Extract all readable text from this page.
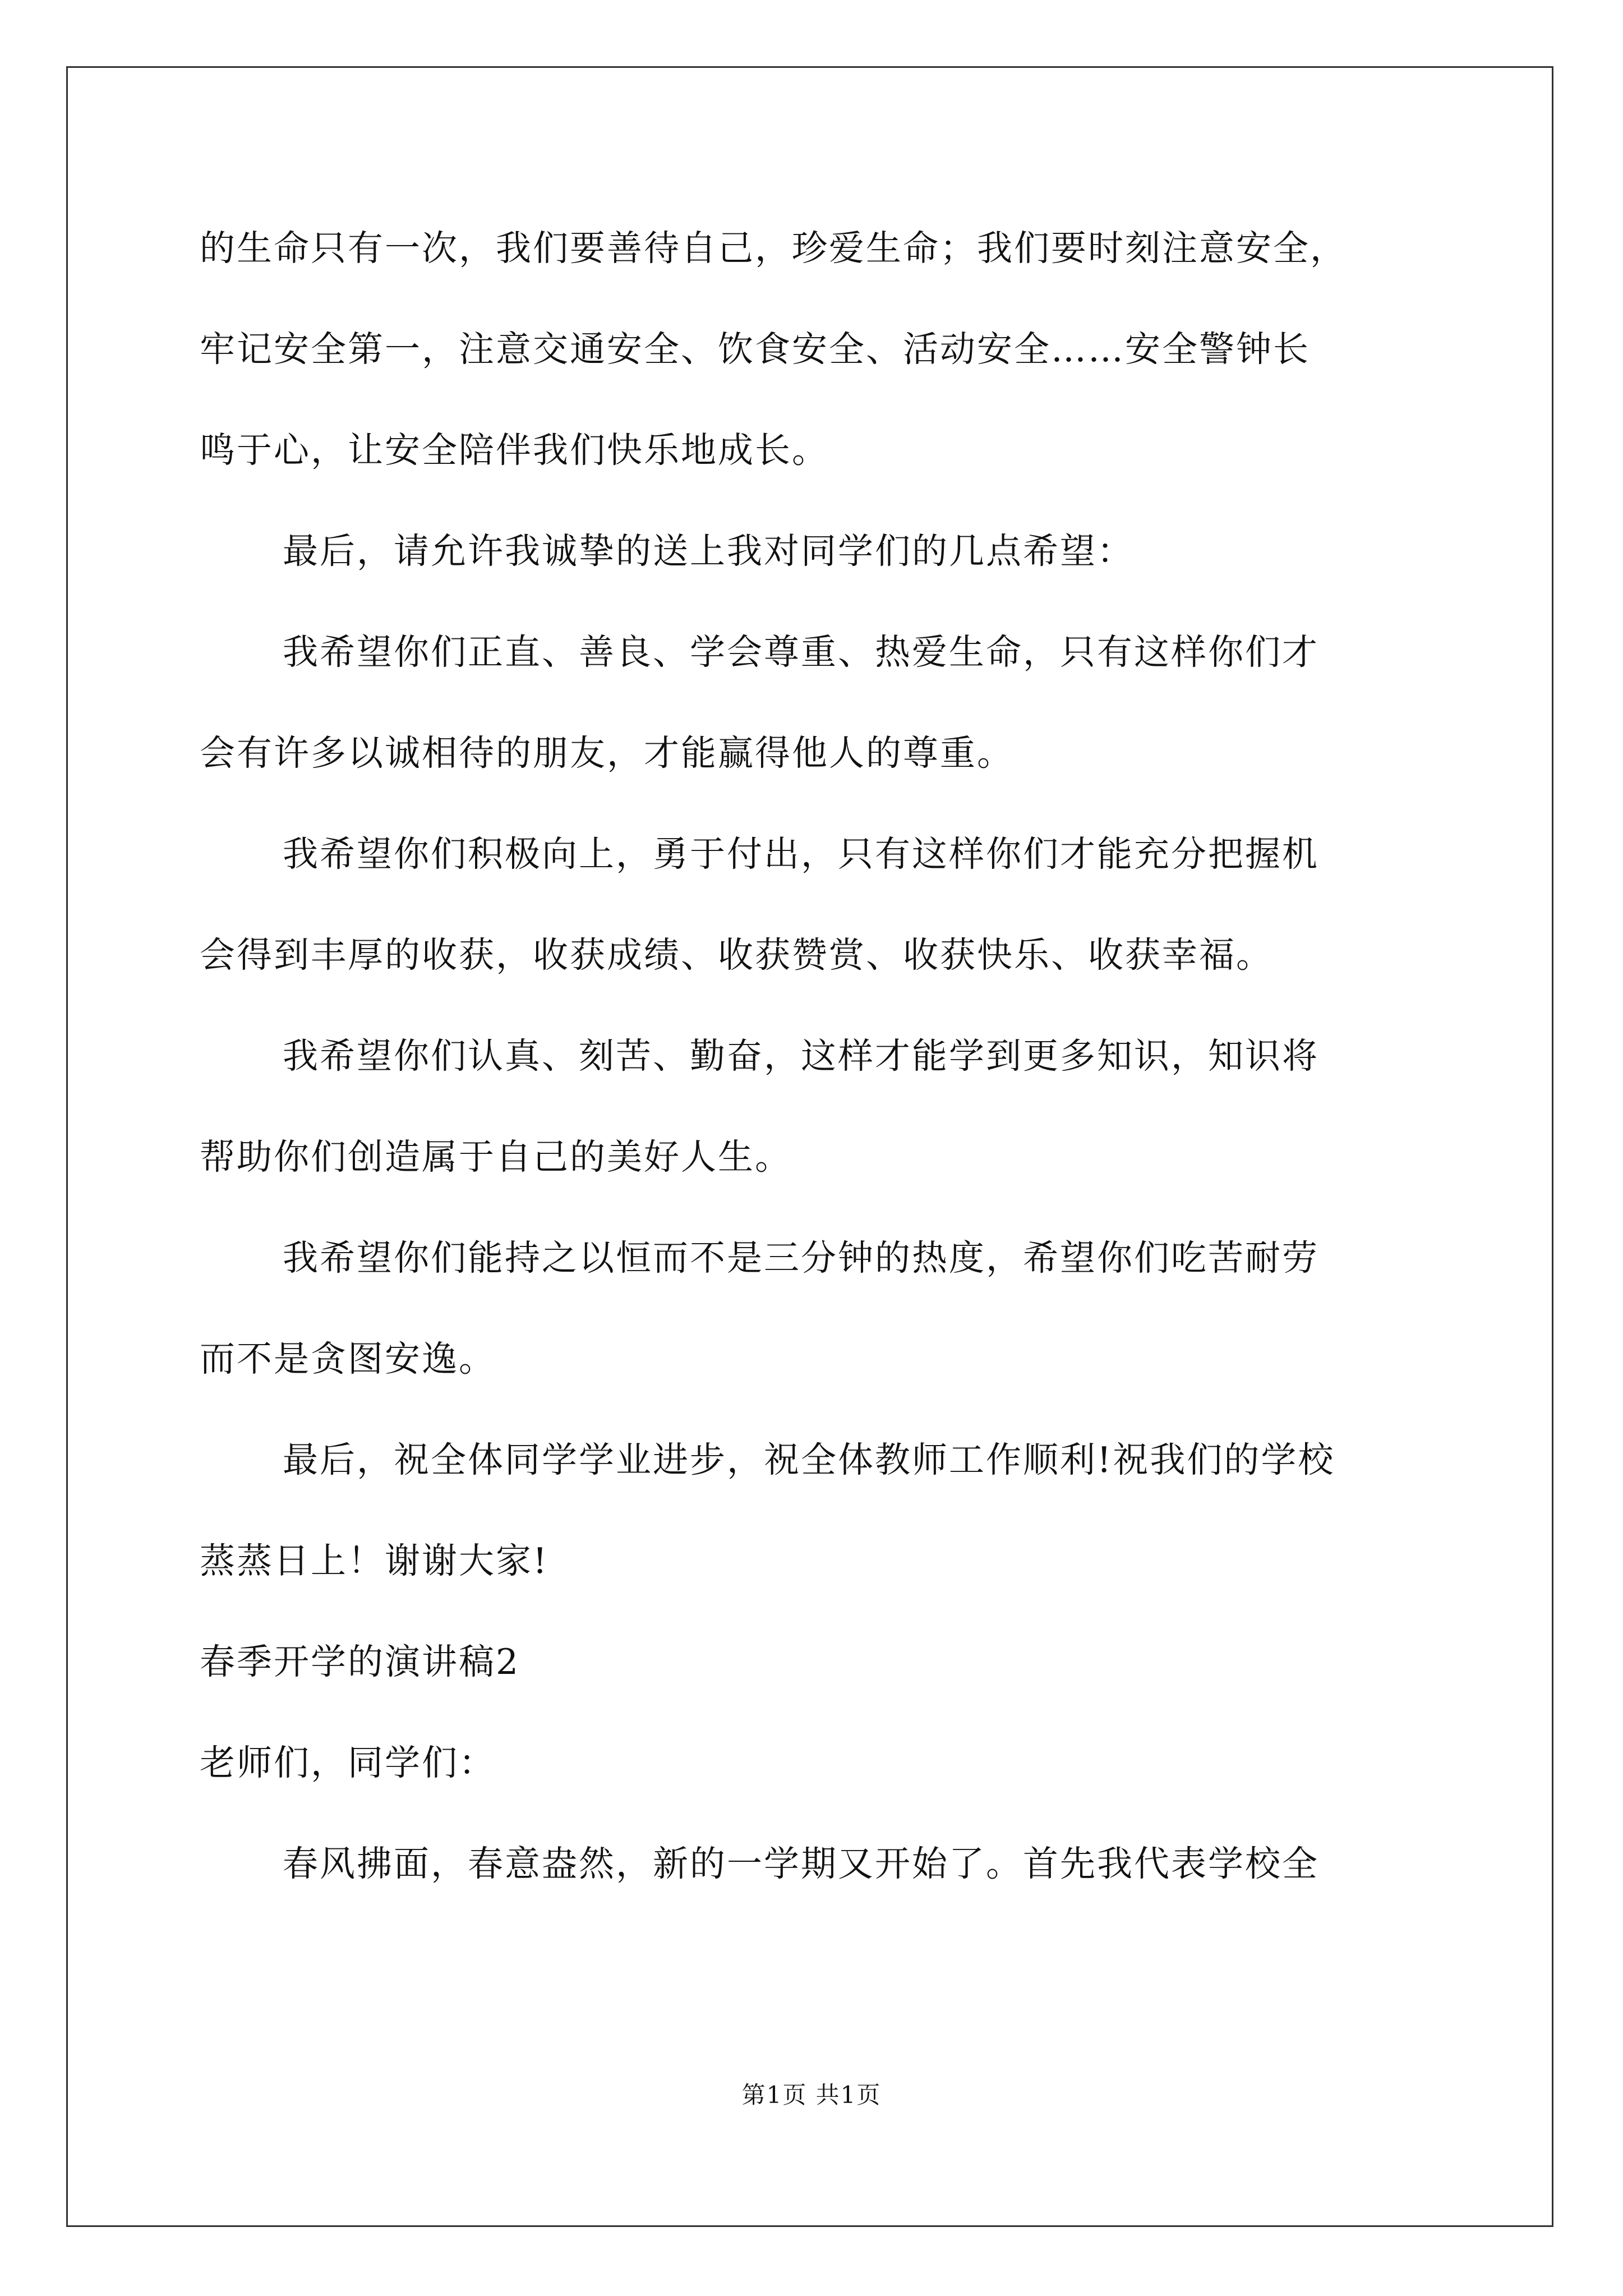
的生命只有一次，我们要善待自己，珍爱生命；我们要时刻注意安全，
牢记安全第一，注意交通安全、饮食安全、活动安全……安全警钟长
鸣于心，让安全陪伴我们快乐地成长。
最后，请允许我诚挚的送上我对同学们的几点希望：
我希望你们正直、善良、学会尊重、热爱生命，只有这样你们才
会有许多以诚相待的朋友，才能赢得他人的尊重。
我希望你们积极向上，勇于付出，只有这样你们才能充分把握机
会得到丰厚的收获，收获成绩、收获赞赏、收获快乐、收获幸福。
我希望你们认真、刻苦、勤奋，这样才能学到更多知识，知识将
帮助你们创造属于自己的美好人生。
我希望你们能持之以恒而不是三分钟的热度，希望你们吃苦耐劳
而不是贪图安逸。
最后，祝全体同学学业进步，祝全体教师工作顺利!祝我们的学校
蒸蒸日上！谢谢大家!
春季开学的演讲稿2
老师们，同学们：
春风拂面，春意盎然，新的一学期又开始了。首先我代表学校全
第1页 共1页
